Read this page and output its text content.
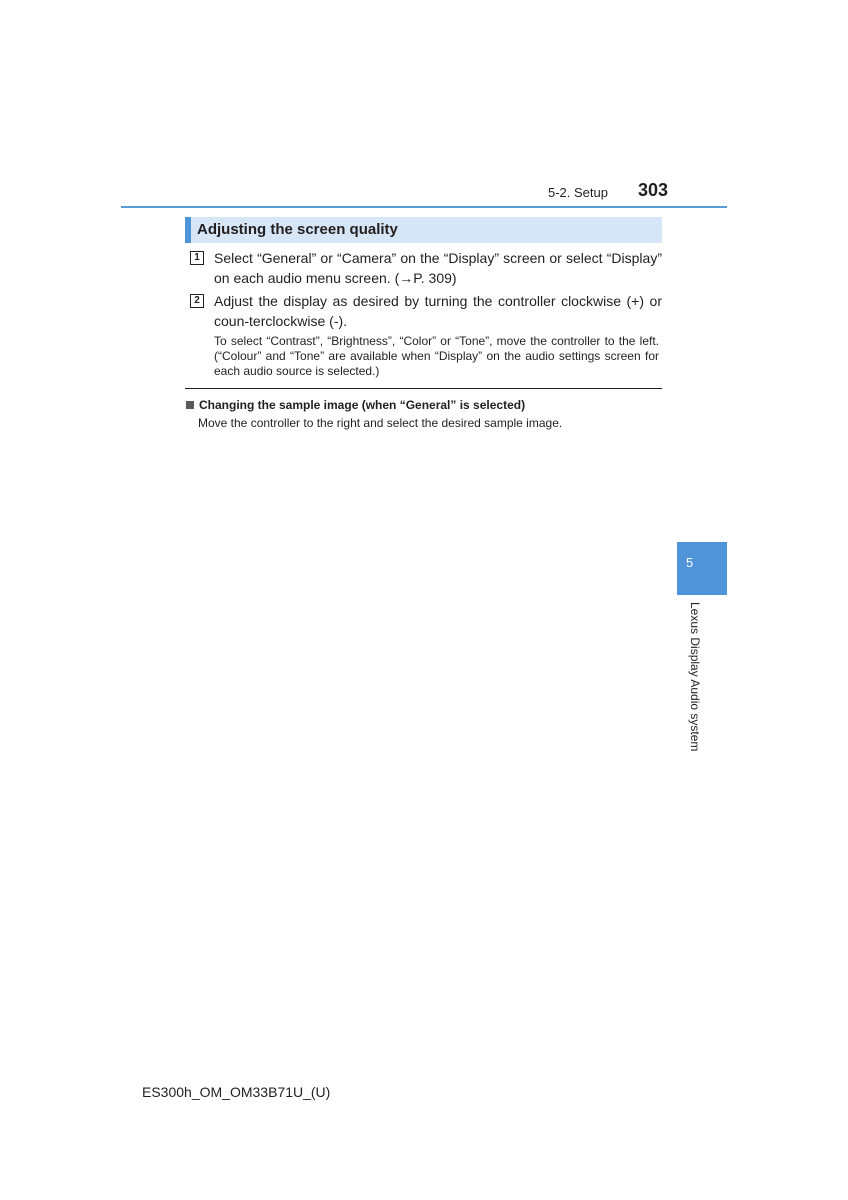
5-2. Setup 303
Adjusting the screen quality
1	Select “General” or “Camera” on the “Display” screen or select “Display” on each audio menu screen. (→P. 309)
2	Adjust the display as desired by turning the controller clockwise (+) or coun-terclockwise (-).
To select “Contrast”, “Brightness”, “Color” or “Tone”, move the controller to the left. (“Colour” and “Tone” are available when “Display” on the audio settings screen for each audio source is selected.)
Changing the sample image (when “General” is selected)
Move the controller to the right and select the desired sample image.
5
Lexus Display Audio system
ES300h_OM_OM33B71U_(U)
